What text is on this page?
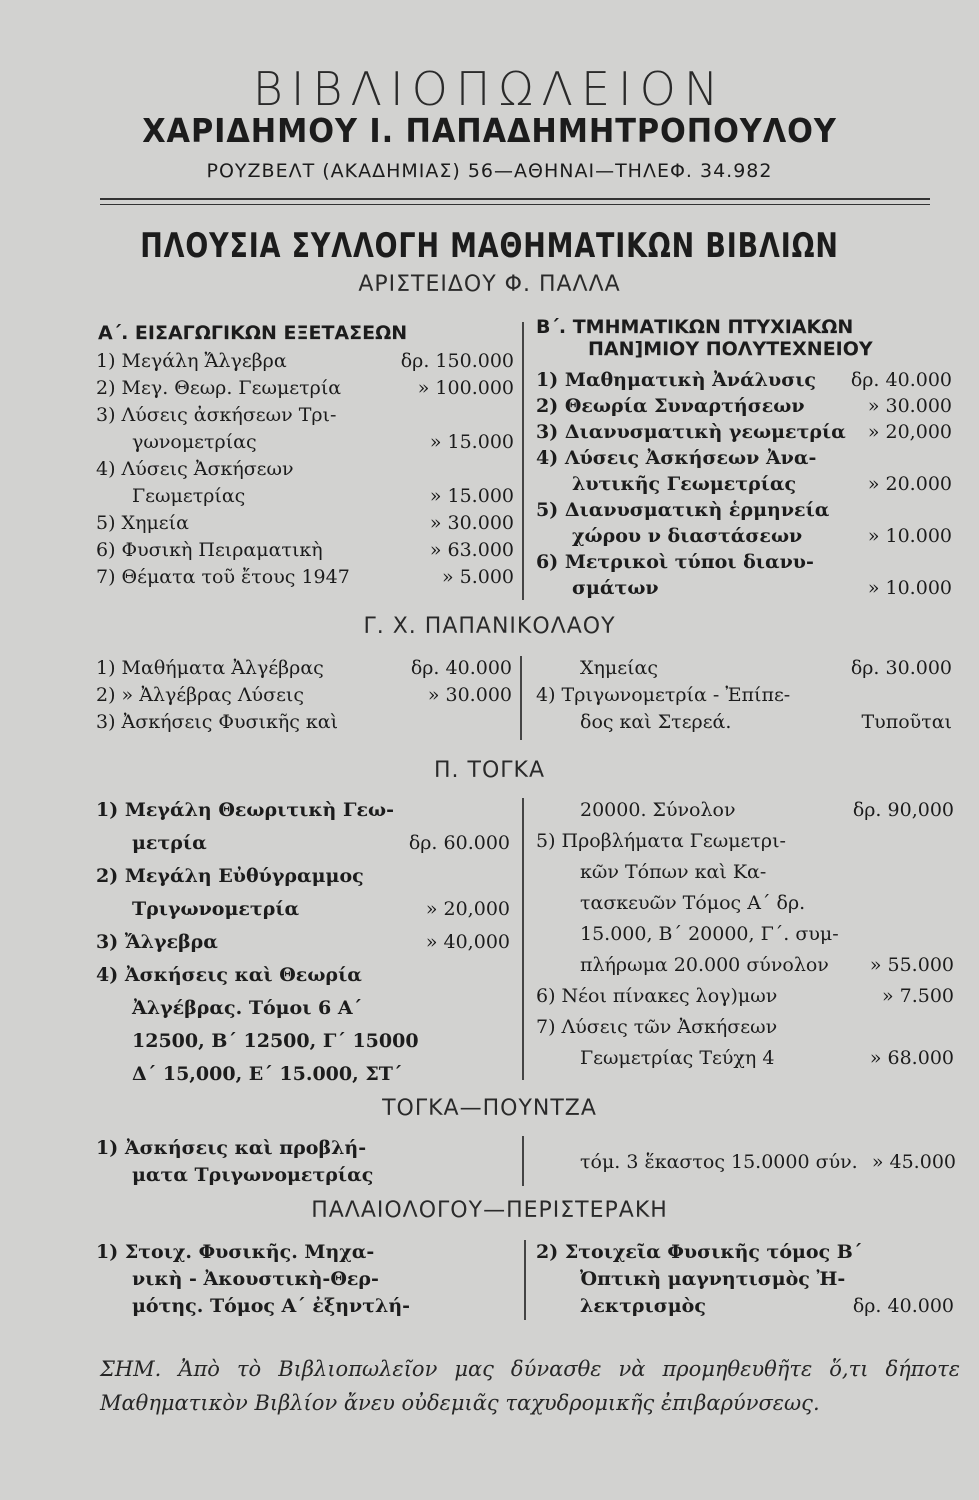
ΒΙΒΛΙΟΠΩΛΕΙΟΝ
ΧΑΡΙΔΗΜΟΥ Ι. ΠΑΠΑΔΗΜΗΤΡΟΠΟΥΛΟΥ
ΡΟΥΖΒΕΛΤ (ΑΚΑΔΗΜΙΑΣ) 56—ΑΘΗΝΑΙ—ΤΗΛΕΦ. 34.982
ΠΛΟΥΣΙΑ ΣΥΛΛΟΓΗ ΜΑΘΗΜΑΤΙΚΩΝ ΒΙΒΛΙΩΝ
ΑΡΙΣΤΕΙΔΟΥ Φ. ΠΑΛΛΑ
Α΄. ΕΙΣΑΓΩΓΙΚΩΝ ΕΞΕΤΑΣΕΩΝ
1) Μεγάλη Ἄλγεβρα	δρ. 150.000
2) Μεγ. Θεωρ. Γεωμετρία	» 100.000
3) Λύσεις ἀσκήσεων Τρι-
γωνομετρίας	» 15.000
4) Λύσεις Ἀσκήσεων
Γεωμετρίας	» 15.000
5) Χημεία	» 30.000
6) Φυσικὴ Πειραματικὴ	» 63.000
7) Θέματα τοῦ ἔτους 1947	» 5.000
Β΄. ΤΜΗΜΑΤΙΚΩΝ ΠΤΥΧΙΑΚΩΝ
ΠΑΝ]ΜΙΟΥ ΠΟΛΥΤΕΧΝΕΙΟΥ
1) Μαθηματικὴ Ἀνάλυσις δρ. 40.000
2) Θεωρία Συναρτήσεων	» 30.000
3) Διανυσματικὴ γεωμετρία » 20,000
4) Λύσεις Ἀσκήσεων Ἀνα-
λυτικῆς Γεωμετρίας	» 20.000
5) Διανυσματικὴ ἑρμηνεία
χώρου ν διαστάσεων	» 10.000
6) Μετρικοὶ τύποι διανυ-
σμάτων	» 10.000
Γ. Χ. ΠΑΠΑΝΙΚΟΛΑΟΥ
1) Μαθήματα Ἀλγέβρας	δρ. 40.000
2) » Ἀλγέβρας Λύσεις	» 30.000
3) Ἀσκήσεις Φυσικῆς καὶ
Χημείας	δρ. 30.000
4) Τριγωνομετρία - Ἐπίπε-
δος καὶ Στερεά.	Τυποῦται
Π. ΤΟΓΚΑ
1) Μεγάλη Θεωριτικὴ Γεω-
μετρία	δρ. 60.000
2) Μεγάλη Εὐθύγραμμος
Τριγωνομετρία	» 20,000
3) Ἄλγεβρα	» 40,000
4) Ἀσκήσεις καὶ Θεωρία
Ἀλγέβρας. Τόμοι 6 Α΄
12500, Β΄ 12500, Γ΄ 15000
Δ΄ 15,000, Ε΄ 15.000, ΣΤ΄
20000. Σύνολον	δρ. 90,000
5) Προβλήματα Γεωμετρι-
κῶν Τόπων καὶ Κα-
τασκευῶν Τόμος Α΄ δρ.
15.000, Β΄ 20000, Γ΄. συμ-
πλήρωμα 20.000 σύνολον » 55.000
6) Νέοι πίνακες λογ)μων	» 7.500
7) Λύσεις τῶν Ἀσκήσεων
Γεωμετρίας Τεύχη 4	» 68.000
ΤΟΓΚΑ—ΠΟΥΝΤΖΑ
1) Ἀσκήσεις καὶ προβλή-
ματα Τριγωνομετρίας
τόμ. 3 ἕκαστος 15.0000 σύν. » 45.000
ΠΑΛΑΙΟΛΟΓΟΥ—ΠΕΡΙΣΤΕΡΑΚΗ
1) Στοιχ. Φυσικῆς. Μηχα-
νικὴ - Ἀκουστικὴ-Θερ-
μότης. Τόμος Α΄ ἐξηντλή-
2) Στοιχεῖα Φυσικῆς τόμος Β΄
Ὀπτικὴ μαγνητισμὸς Ἠ-
λεκτρισμὸς	δρ. 40.000
ΣΗΜ. Ἀπὸ τὸ Βιβλιοπωλεῖον μας δύνασθε νὰ προμηθευθῆτε ὅ,τι δήποτε Μαθηματικὸν Βιβλίον ἄνευ οὐδεμιᾶς ταχυδρομικῆς ἐπιβαρύνσεως.
